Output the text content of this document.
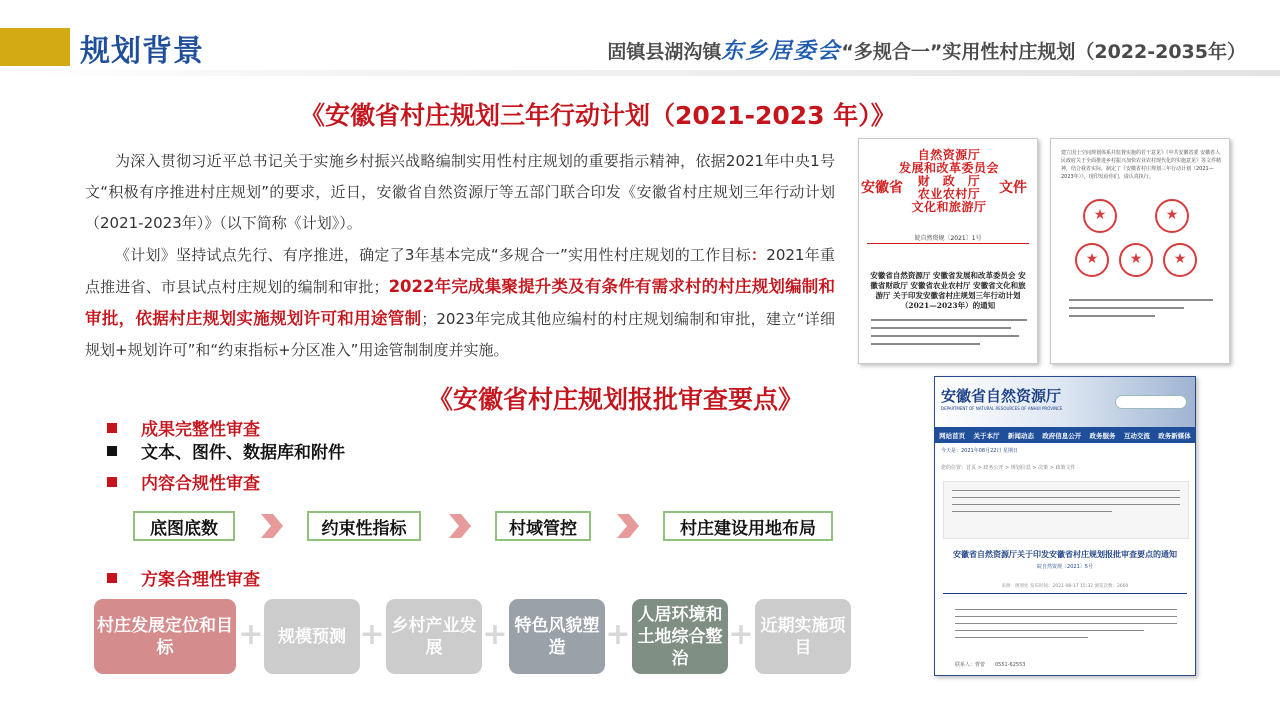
规划背景	固镇县湖沟镇东乡居委会“多规合一”实用性村庄规划（2022-2035年）
《安徽省村庄规划三年行动计划（2021-2023 年）》
为深入贯彻习近平总书记关于实施乡村振兴战略编制实用性村庄规划的重要指示精神，依据2021年中央1号文“积极有序推进村庄规划”的要求，近日，安徽省自然资源厅等五部门联合印发《安徽省村庄规划三年行动计划（2021-2023年）》（以下简称《计划》）。
《计划》坚持试点先行、有序推进，确定了3年基本完成“多规合一”实用性村庄规划的工作目标：2021年重点推进省、市县试点村庄规划的编制和审批；2022年完成集聚提升类及有条件有需求村的村庄规划编制和审批，依据村庄规划实施规划许可和用途管制；2023年完成其他应编村的村庄规划编制和审批，建立“详细规划+规划许可”和“约束指标+分区准入”用途管制制度并实施。
自然资源厅
发展和改革委员会
财　政　厅
农业农村厅
文化和旅游厅
安徽省	文件
皖自然资规〔2021〕1号
安徽省自然资源厅 安徽省发展和改革委员会 安徽省财政厅 安徽省农业农村厅 安徽省文化和旅游厅 关于印发安徽省村庄规划三年行动计划（2021—2023年）的通知
建立国土空间规划体系并监督实施的若干意见》《中共安徽省委 安徽省人民政府关于全面推进乡村振兴加快农业农村现代化的实施意见》等文件精神，结合我省实际，制定了《安徽省村庄规划三年行动计划（2021—2023年）》，现印发给你们，请认真执行。
★
★
★
★
★
安徽省自然资源厅
DEPARTMENT OF NATURAL RESOURCES OF ANHUI PROVINCE
网站首页 关于本厅 新闻动态 政府信息公开 政务服务 互动交流 政务新媒体
今天是：2021年08月22日 星期日
您的位置：首页 > 政务公开 > 规划信息 > 决策 > 政策文件
安徽省自然资源厅关于印发安徽省村庄规划报批审查要点的通知
皖自然资规〔2021〕5号
来源：规划处 发布时间：2021-08-17 15:32 浏览次数：2660
联系人：曹蕾　　0551-62553
《安徽省村庄规划报批审查要点》
成果完整性审查
文本、图件、数据库和附件
内容合规性审查
底图底数	约束性指标	村域管控	村庄建设用地布局
方案合理性审查
村庄发展定位和目标	+ 规模预测 + 乡村产业发展	+ 特色风貌塑造	+
人居环境和土地综合整治
+ 近期实施项目
